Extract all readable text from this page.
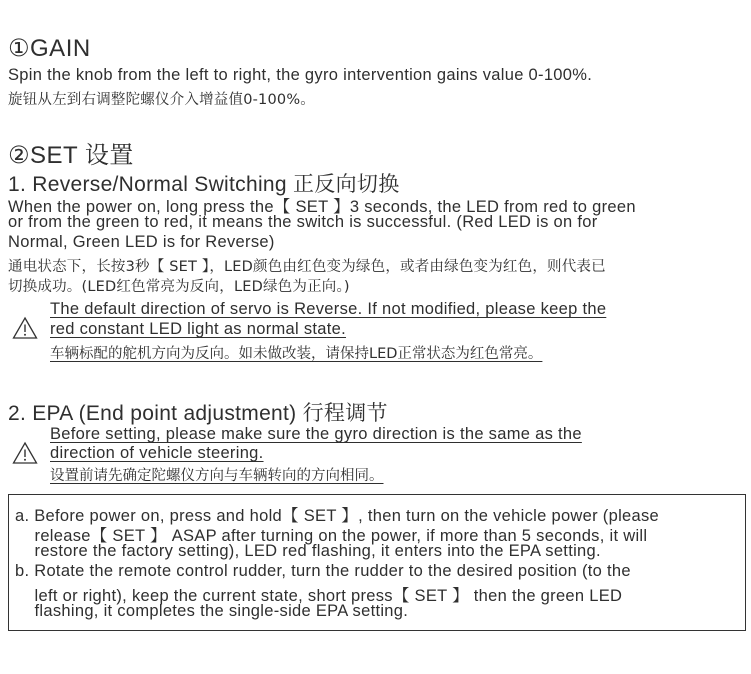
①GAIN
Spin the knob from the left to right, the gyro intervention gains value 0-100%.
旋钮从左到右调整陀螺仪介入增益值0-100%。
②SET 设置
1. Reverse/Normal Switching 正反向切换
When the power on, long press the【 SET 】3 seconds, the LED from red to green
or from the green to red, it means the switch is successful. (Red LED is on for
Normal, Green LED is for Reverse)
通电状态下，长按3秒【 SET 】，LED颜色由红色变为绿色，或者由绿色变为红色，则代表已
切换成功。(LED红色常亮为反向，LED绿色为正向。)
The default direction of servo is Reverse. If not modified, please keep the
red constant LED light as normal state.
车辆标配的舵机方向为反向。如未做改装，请保持LED正常状态为红色常亮。
2. EPA (End point adjustment) 行程调节
Before setting, please make sure the gyro direction is the same as the
direction of vehicle steering.
设置前请先确定陀螺仪方向与车辆转向的方向相同。
a. Before power on, press and hold【 SET 】, then turn on the vehicle power (please
release【 SET 】 ASAP after turning on the power, if more than 5 seconds, it will
restore the factory setting), LED red flashing, it enters into the EPA setting.
b. Rotate the remote control rudder, turn the rudder to the desired position (to the
left or right), keep the current state, short press【 SET 】 then the green LED
flashing, it completes the single-side EPA setting.
